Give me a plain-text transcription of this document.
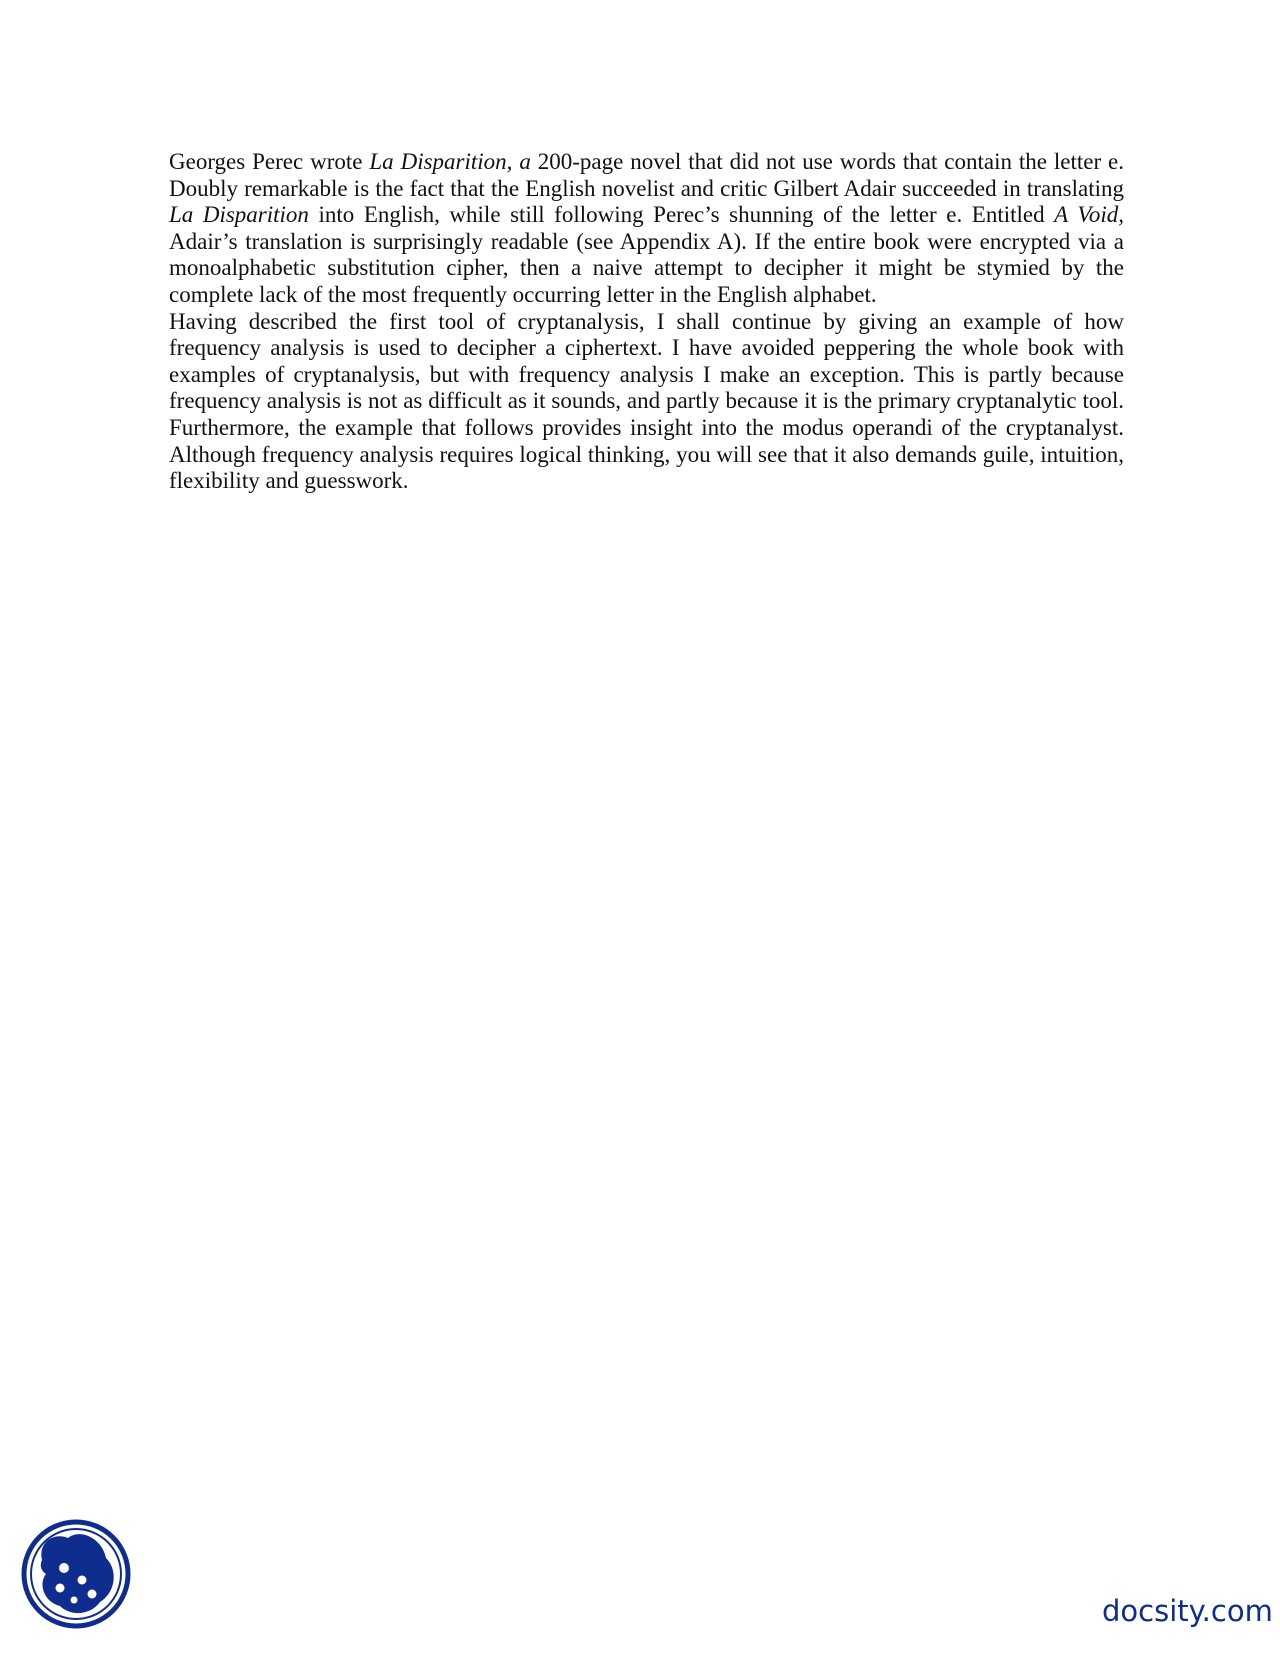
Georges Perec wrote La Disparition, a 200-page novel that did not use words that contain the letter e. Doubly remarkable is the fact that the English novelist and critic Gilbert Adair succeeded in translating La Disparition into English, while still following Perec’s shunning of the letter e. Entitled A Void, Adair’s translation is surprisingly readable (see Appendix A). If the entire book were encrypted via a monoalphabetic substitution cipher, then a naive attempt to decipher it might be stymied by the complete lack of the most frequently occurring letter in the English alphabet.

Having described the first tool of cryptanalysis, I shall continue by giving an example of how frequency analysis is used to decipher a ciphertext. I have avoided peppering the whole book with examples of cryptanalysis, but with frequency analysis I make an exception. This is partly because frequency analysis is not as difficult as it sounds, and partly because it is the primary cryptanalytic tool. Furthermore, the example that follows provides insight into the modus operandi of the cryptanalyst. Although frequency analysis requires logical thinking, you will see that it also demands guile, intuition, flexibility and guesswork.

docsity.com
